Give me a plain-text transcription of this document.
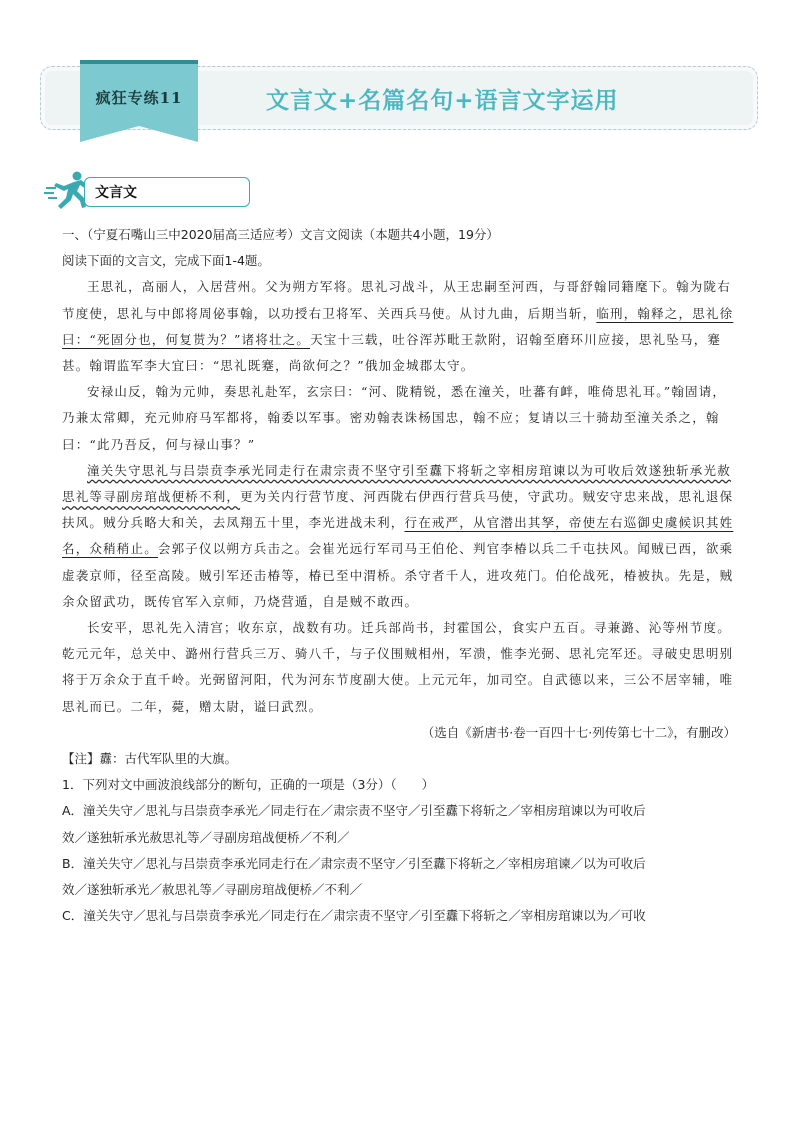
疯狂专练11	文言文+名篇名句+语言文字运用
文言文

一、（宁夏石嘴山三中2020届高三适应考）文言文阅读（本题共4小题，19分）

阅读下面的文言文，完成下面1-4题。

王思礼，高丽人，入居营州。父为朔方军将。思礼习战斗，从王忠嗣至河西，与哥舒翰同籍麾下。翰为陇右节度使，思礼与中郎将周佖事翰，以功授右卫将军、关西兵马使。从讨九曲，后期当斩，临刑，翰释之，思礼徐曰：“死固分也，何复贳为？”诸将壮之。天宝十三载，吐谷浑苏毗王款附，诏翰至磨环川应接，思礼坠马，蹇甚。翰谓监军李大宜曰：“思礼既蹇，尚欲何之？”俄加金城郡太守。

安禄山反，翰为元帅，奏思礼赴军，玄宗曰：“河、陇精锐，悉在潼关，吐蕃有衅，唯倚思礼耳。”翰固请，乃兼太常卿，充元帅府马军都将，翰委以军事。密劝翰表诛杨国忠，翰不应；复请以三十骑劫至潼关杀之，翰曰：“此乃吾反，何与禄山事？”

潼关失守思礼与吕崇贲李承光同走行在肃宗责不坚守引至纛下将斩之宰相房琯谏以为可收后效遂独斩承光赦思礼等寻副房琯战便桥不利，更为关内行营节度、河西陇右伊西行营兵马使，守武功。贼安守忠来战，思礼退保扶风。贼分兵略大和关，去凤翔五十里，李光进战未利，行在戒严，从官潜出其孥，帝使左右巡御史虞候识其姓名，众稍稍止。会郭子仪以朔方兵击之。会崔光远行军司马王伯伦、判官李椿以兵二千屯扶风。闻贼已西，欲乘虚袭京师，径至高陵。贼引军还击椿等，椿已至中渭桥。杀守者千人，进攻苑门。伯伦战死，椿被执。先是，贼余众留武功，既传官军入京师，乃烧营遁，自是贼不敢西。

长安平，思礼先入清宫；收东京，战数有功。迁兵部尚书，封霍国公，食实户五百。寻兼潞、沁等州节度。乾元元年，总关中、潞州行营兵三万、骑八千，与子仪围贼相州，军溃，惟李光弼、思礼完军还。寻破史思明别将于万余众于直千岭。光弼留河阳，代为河东节度副大使。上元元年，加司空。自武德以来，三公不居宰辅，唯思礼而已。二年，薨，赠太尉，谥曰武烈。

（选自《新唐书·卷一百四十七·列传第七十二》，有删改）

【注】纛：古代军队里的大旗。

1．下列对文中画波浪线部分的断句，正确的一项是（3分）（　　）

A．潼关失守／思礼与吕崇贲李承光／同走行在／肃宗责不坚守／引至纛下将斩之／宰相房琯谏以为可收后

效／遂独斩承光赦思礼等／寻副房琯战便桥／不利／

B．潼关失守／思礼与吕崇贲李承光同走行在／肃宗责不坚守／引至纛下将斩之／宰相房琯谏／以为可收后

效／遂独斩承光／赦思礼等／寻副房琯战便桥／不利／

C．潼关失守／思礼与吕崇贲李承光／同走行在／肃宗责不坚守／引至纛下将斩之／宰相房琯谏以为／可收
